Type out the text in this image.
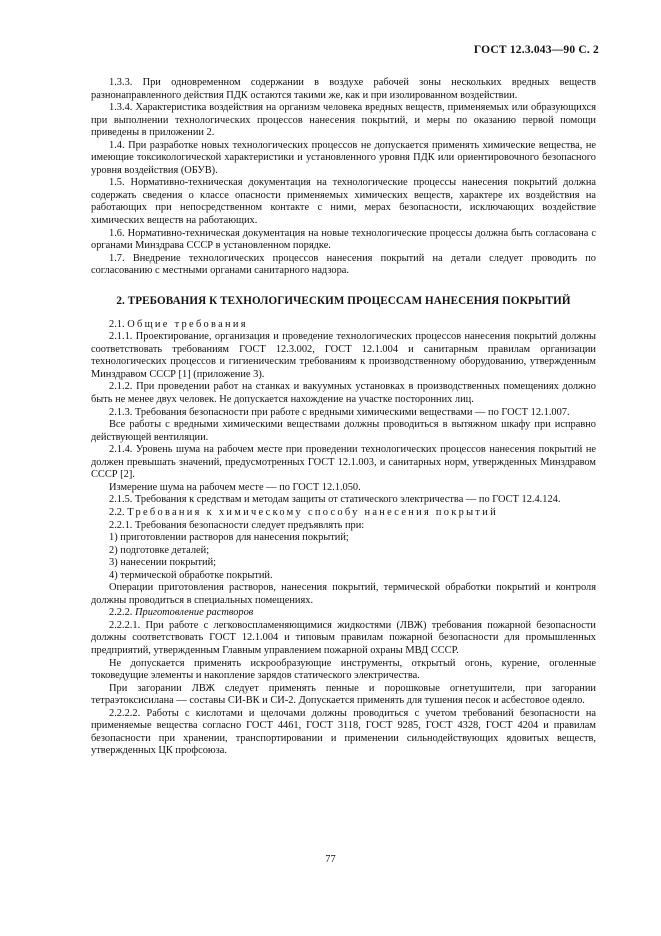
ГОСТ 12.3.043—90 С. 2

1.3.3. При одновременном содержании в воздухе рабочей зоны нескольких вредных веществ разнонаправленного действия ПДК остаются такими же, как и при изолированном воздействии.

1.3.4. Характеристика воздействия на организм человека вредных веществ, применяемых или образующихся при выполнении технологических процессов нанесения покрытий, и меры по оказанию первой помощи приведены в приложении 2.

1.4. При разработке новых технологических процессов не допускается применять химические вещества, не имеющие токсикологической характеристики и установленного уровня ПДК или ориентировочного безопасного уровня воздействия (ОБУВ).

1.5. Нормативно-техническая документация на технологические процессы нанесения покрытий должна содержать сведения о классе опасности применяемых химических веществ, характере их воздействия на работающих при непосредственном контакте с ними, мерах безопасности, исключающих воздействие химических веществ на работающих.

1.6. Нормативно-техническая документация на новые технологические процессы должна быть согласована с органами Минздрава СССР в установленном порядке.

1.7. Внедрение технологических процессов нанесения покрытий на детали следует проводить по согласованию с местными органами санитарного надзора.

2. ТРЕБОВАНИЯ К ТЕХНОЛОГИЧЕСКИМ ПРОЦЕССАМ НАНЕСЕНИЯ ПОКРЫТИЙ

2.1. Общие требования

2.1.1. Проектирование, организация и проведение технологических процессов нанесения покрытий должны соответствовать требованиям ГОСТ 12.3.002, ГОСТ 12.1.004 и санитарным правилам организации технологических процессов и гигиеническим требованиям к производственному оборудованию, утвержденным Минздравом СССР [1] (приложение 3).

2.1.2. При проведении работ на станках и вакуумных установках в производственных помещениях должно быть не менее двух человек. Не допускается нахождение на участке посторонних лиц.

2.1.3. Требования безопасности при работе с вредными химическими веществами — по ГОСТ 12.1.007.

Все работы с вредными химическими веществами должны проводиться в вытяжном шкафу при исправно действующей вентиляции.

2.1.4. Уровень шума на рабочем месте при проведении технологических процессов нанесения покрытий не должен превышать значений, предусмотренных ГОСТ 12.1.003, и санитарных норм, утвержденных Минздравом СССР [2].

Измерение шума на рабочем месте — по ГОСТ 12.1.050.

2.1.5. Требования к средствам и методам защиты от статического электричества — по ГОСТ 12.4.124.

2.2. Требования к химическому способу нанесения покрытий

2.2.1. Требования безопасности следует предъявлять при:

1) приготовлении растворов для нанесения покрытий;

2) подготовке деталей;

3) нанесении покрытий;

4) термической обработке покрытий.

Операции приготовления растворов, нанесения покрытий, термической обработки покрытий и контроля должны проводиться в специальных помещениях.

2.2.2. Приготовление растворов

2.2.2.1. При работе с легковоспламеняющимися жидкостями (ЛВЖ) требования пожарной безопасности должны соответствовать ГОСТ 12.1.004 и типовым правилам пожарной безопасности для промышленных предприятий, утвержденным Главным управлением пожарной охраны МВД СССР.

Не допускается применять искрообразующие инструменты, открытый огонь, курение, оголенные токоведущие элементы и накопление зарядов статического электричества.

При загорании ЛВЖ следует применять пенные и порошковые огнетушители, при загорании тетраэтоксисилана — составы СИ-ВК и СИ-2. Допускается применять для тушения песок и асбестовое одеяло.

2.2.2.2. Работы с кислотами и щелочами должны проводиться с учетом требований безопасности на применяемые вещества согласно ГОСТ 4461, ГОСТ 3118, ГОСТ 9285, ГОСТ 4328, ГОСТ 4204 и правилам безопасности при хранении, транспортировании и применении сильнодействующих ядовитых веществ, утвержденных ЦК профсоюза.

77
